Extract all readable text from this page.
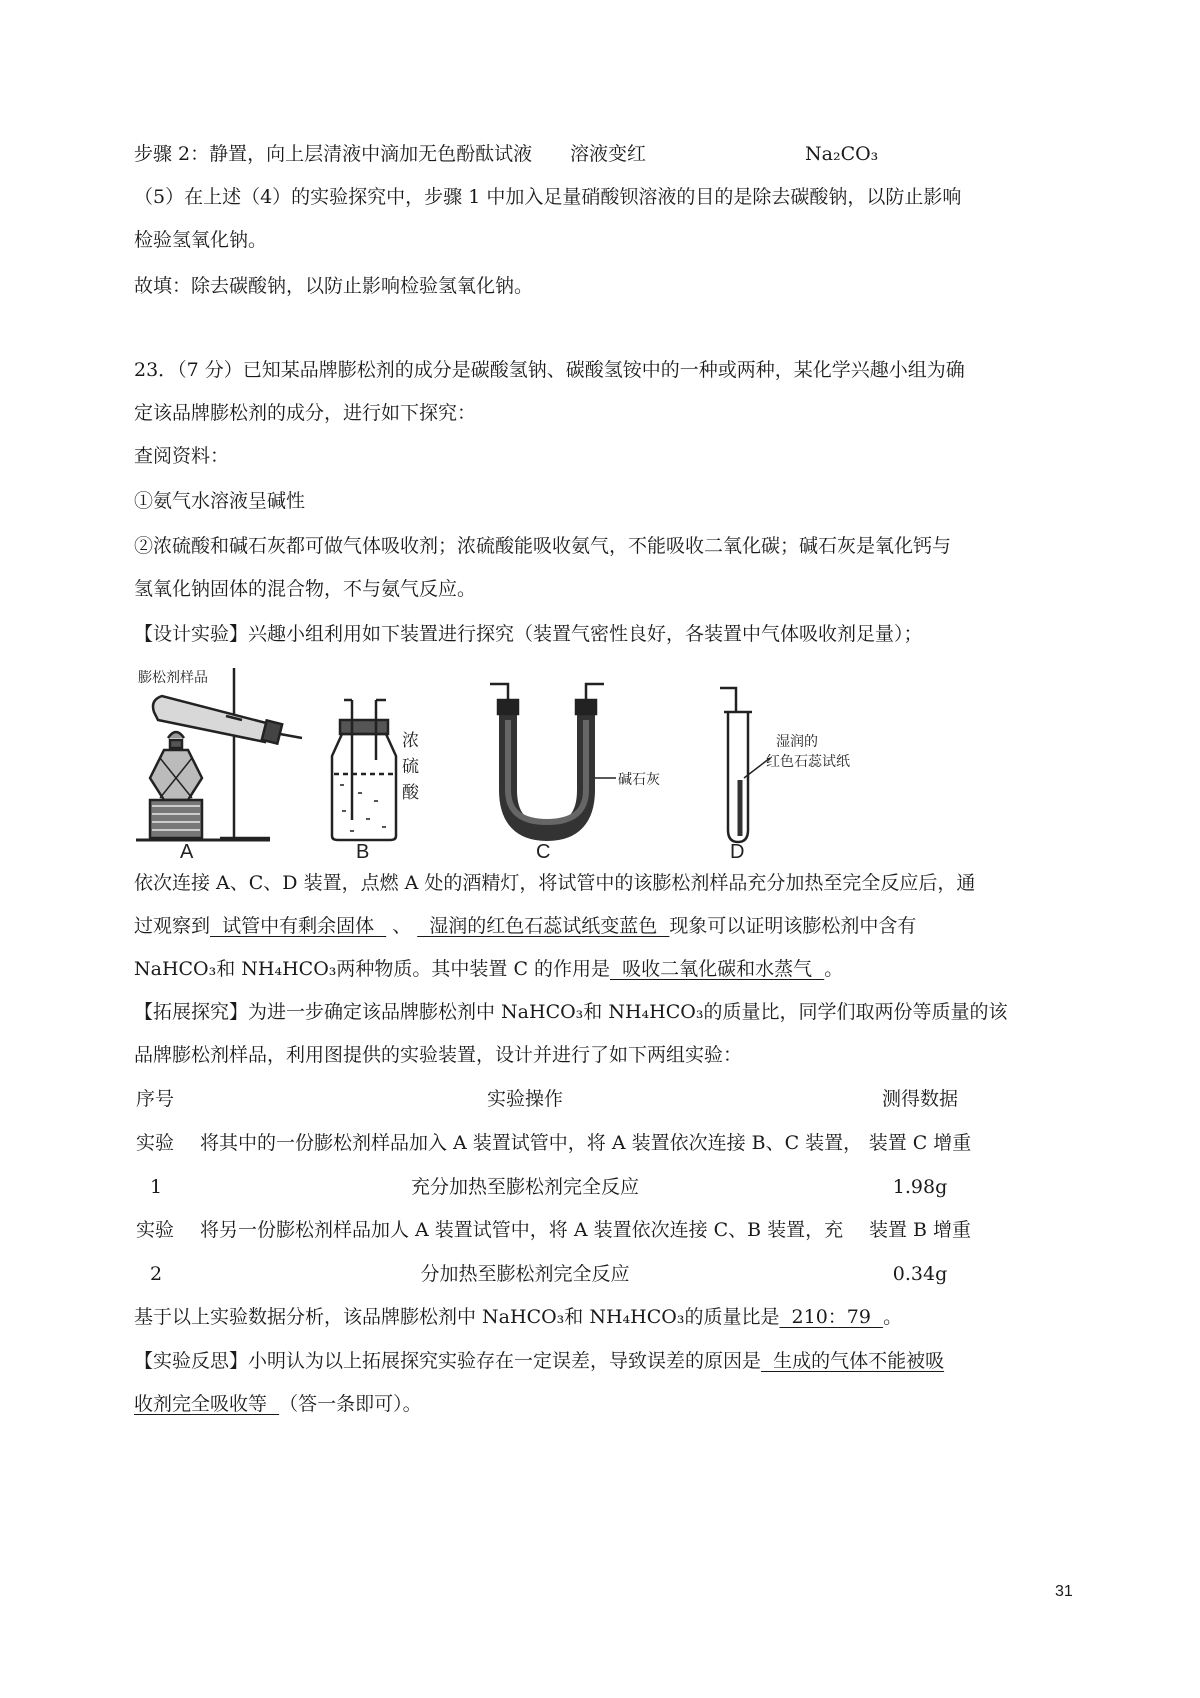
步骤 2：静置，向上层清液中滴加无色酚酞试液 溶液变红	Na₂CO₃
（5）在上述（4）的实验探究中，步骤 1 中加入足量硝酸钡溶液的目的是除去碳酸钠，以防止影响
检验氢氧化钠。
故填：除去碳酸钠，以防止影响检验氢氧化钠。
23．（7 分）已知某品牌膨松剂的成分是碳酸氢钠、碳酸氢铵中的一种或两种，某化学兴趣小组为确
定该品牌膨松剂的成分，进行如下探究：
查阅资料：
①氨气水溶液呈碱性
②浓硫酸和碱石灰都可做气体吸收剂；浓硫酸能吸收氨气，不能吸收二氧化碳；碱石灰是氧化钙与
氢氧化钠固体的混合物，不与氨气反应。
【设计实验】兴趣小组利用如下装置进行探究（装置气密性良好，各装置中气体吸收剂足量）；
膨松剂样品
浓
硫
酸
碱石灰
湿润的
红色石蕊试纸
A	B	C	D
依次连接 A、C、D 装置，点燃 A 处的酒精灯，将试管中的该膨松剂样品充分加热至完全反应后，通
过观察到  试管中有剩余固体  、  湿润的红色石蕊试纸变蓝色  现象可以证明该膨松剂中含有
NaHCO₃和 NH₄HCO₃两种物质。其中装置 C 的作用是  吸收二氧化碳和水蒸气  。
【拓展探究】为进一步确定该品牌膨松剂中 NaHCO₃和 NH₄HCO₃的质量比，同学们取两份等质量的该
品牌膨松剂样品，利用图提供的实验装置，设计并进行了如下两组实验：
序号	实验操作	测得数据
实验 将其中的一份膨松剂样品加入 A 装置试管中，将 A 装置依次连接 B、C 装置， 装置 C 增重
1	充分加热至膨松剂完全反应	1.98g
实验 将另一份膨松剂样品加人 A 装置试管中，将 A 装置依次连接 C、B 装置，充	装置 B 增重
2	分加热至膨松剂完全反应	0.34g
基于以上实验数据分析，该品牌膨松剂中 NaHCO₃和 NH₄HCO₃的质量比是  210：79  。
【实验反思】小明认为以上拓展探究实验存在一定误差，导致误差的原因是  生成的气体不能被吸
收剂完全吸收等  （答一条即可）。
31
